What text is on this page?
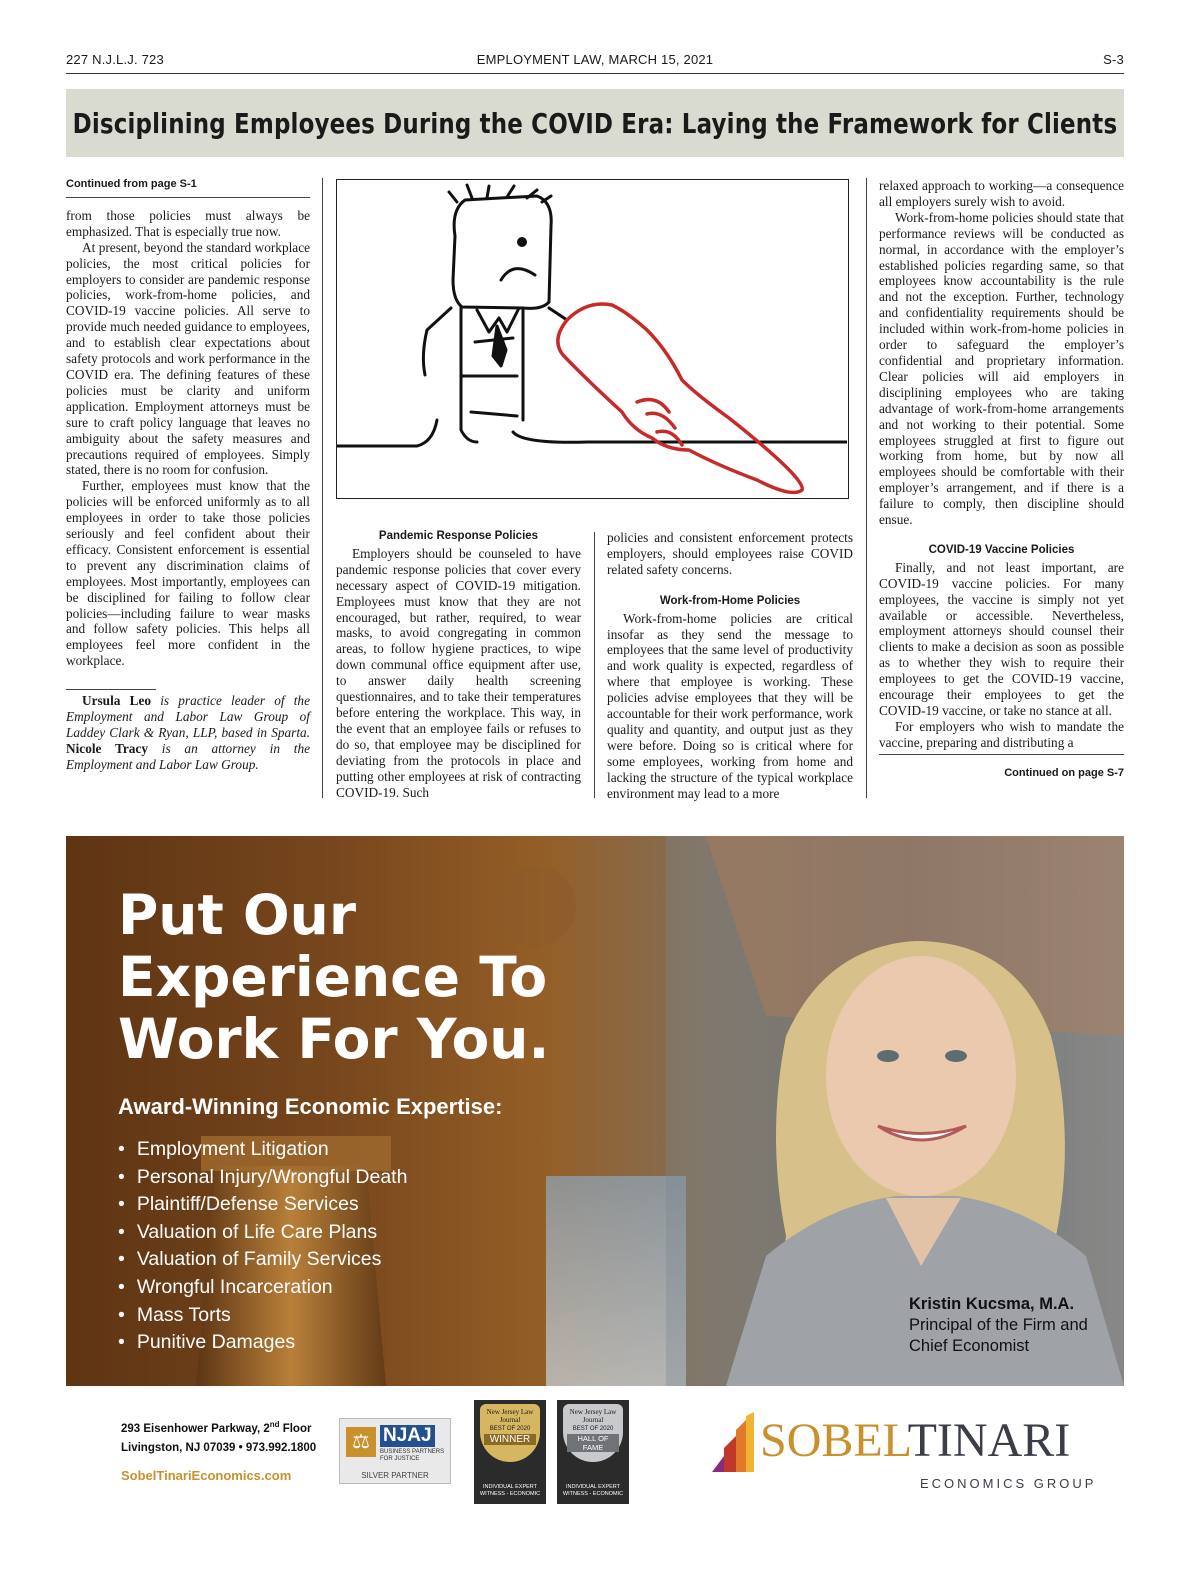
227 N.J.L.J. 723	EMPLOYMENT LAW, MARCH 15, 2021	S-3
Disciplining Employees During the COVID Era: Laying the Framework for Clients
Continued from page S-1

from those policies must always be emphasized. That is especially true now.

At present, beyond the standard workplace policies, the most critical policies for employers to consider are pandemic response policies, work-from-home policies, and COVID-19 vaccine policies. All serve to provide much needed guidance to employees, and to establish clear expectations about safety protocols and work performance in the COVID era. The defining features of these policies must be clarity and uniform application. Employment attorneys must be sure to craft policy language that leaves no ambiguity about the safety measures and precautions required of employees. Simply stated, there is no room for confusion.

Further, employees must know that the policies will be enforced uniformly as to all employees in order to take those policies seriously and feel confident about their efficacy. Consistent enforcement is essential to prevent any discrimination claims of employees. Most importantly, employees can be disciplined for failing to follow clear policies—including failure to wear masks and follow safety policies. This helps all employees feel more confident in the workplace.

Ursula Leo is practice leader of the Employment and Labor Law Group of Laddey Clark & Ryan, LLP, based in Sparta. Nicole Tracy is an attorney in the Employment and Labor Law Group.

Pandemic Response Policies

Employers should be counseled to have pandemic response policies that cover every necessary aspect of COVID-19 mitigation. Employees must know that they are not encouraged, but rather, required, to wear masks, to avoid congregating in common areas, to follow hygiene practices, to wipe down communal office equipment after use, to answer daily health screening questionnaires, and to take their temperatures before entering the workplace. This way, in the event that an employee fails or refuses to do so, that employee may be disciplined for deviating from the protocols in place and putting other employees at risk of contracting COVID-19. Such

policies and consistent enforcement protects employers, should employees raise COVID related safety concerns.

Work-from-Home Policies

Work-from-home policies are critical insofar as they send the message to employees that the same level of productivity and work quality is expected, regardless of where that employee is working. These policies advise employees that they will be accountable for their work performance, work quality and quantity, and output just as they were before. Doing so is critical where for some employees, working from home and lacking the structure of the typical workplace environment may lead to a more

relaxed approach to working—a consequence all employers surely wish to avoid.

Work-from-home policies should state that performance reviews will be conducted as normal, in accordance with the employer’s established policies regarding same, so that employees know accountability is the rule and not the exception. Further, technology and confidentiality requirements should be included within work-from-home policies in order to safeguard the employer’s confidential and proprietary information. Clear policies will aid employers in disciplining employees who are taking advantage of work-from-home arrangements and not working to their potential. Some employees struggled at first to figure out working from home, but by now all employees should be comfortable with their employer’s arrangement, and if there is a failure to comply, then discipline should ensue.

COVID-19 Vaccine Policies

Finally, and not least important, are COVID-19 vaccine policies. For many employees, the vaccine is simply not yet available or accessible. Nevertheless, employment attorneys should counsel their clients to make a decision as soon as possible as to whether they wish to require their employees to get the COVID-19 vaccine, encourage their employees to get the COVID-19 vaccine, or take no stance at all.

For employers who wish to mandate the vaccine, preparing and distributing a

Continued on page S-7
Put Our
Experience To
Work For You.
Award-Winning Economic Expertise:
• Employment Litigation
• Personal Injury/Wrongful Death
• Plaintiff/Defense Services
• Valuation of Life Care Plans
• Valuation of Family Services
• Wrongful Incarceration
• Mass Torts
• Punitive Damages
Kristin Kucsma, M.A.
Principal of the Firm and
Chief Economist
293 Eisenhower Parkway, 2nd Floor
Livingston, NJ 07039 • 973.992.1800
SobelTinariEconomics.com
⚖ NJAJ
BUSINESS PARTNERS
FOR JUSTICE
SILVER PARTNER
New Jersey Law Journal
BEST OF 2020
WINNER
INDIVIDUAL EXPERT
WITNESS - ECONOMIC
New Jersey Law Journal
BEST OF 2020
HALL OF FAME
INDIVIDUAL EXPERT
WITNESS - ECONOMIC
SOBELTINARI
ECONOMICS GROUP
